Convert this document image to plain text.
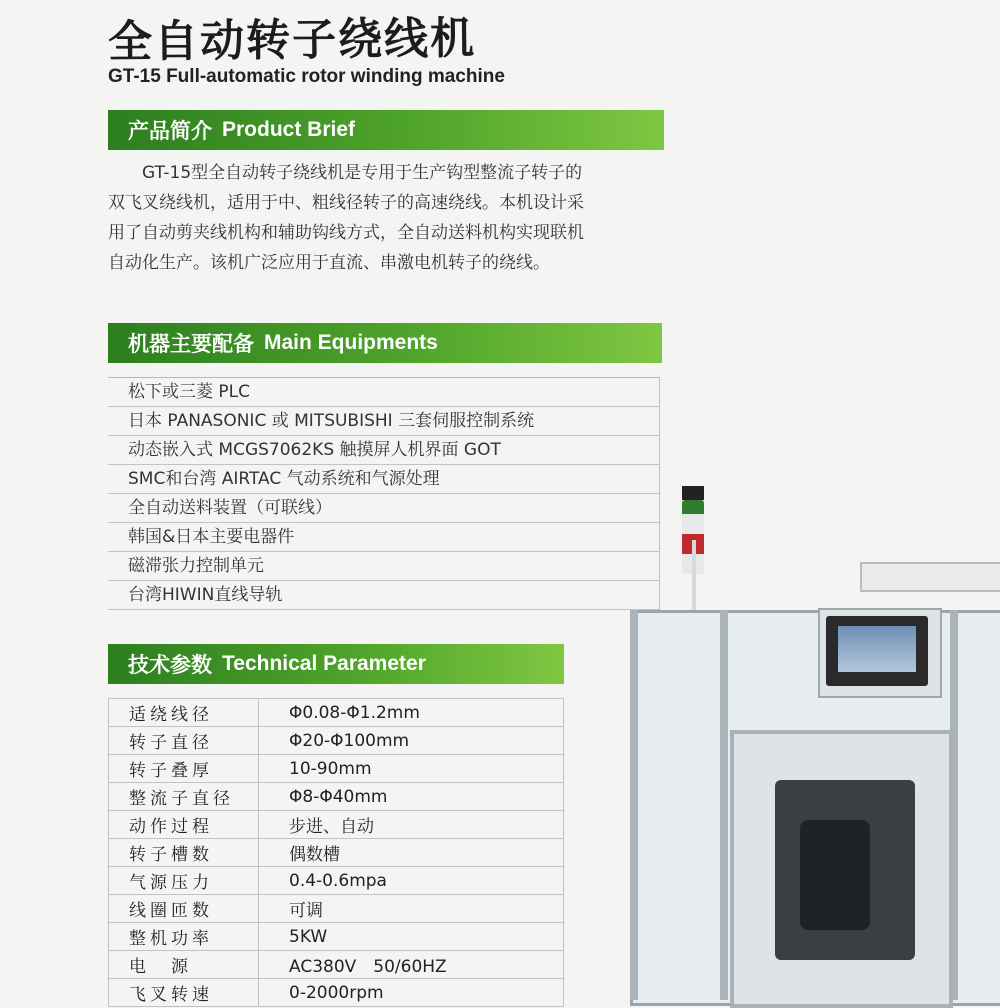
全自动转子绕线机
GT-15 Full-automatic rotor winding machine
产品简介 Product Brief

　　GT-15型全自动转子绕线机是专用于生产钩型整流子转子的

双飞叉绕线机，适用于中、粗线径转子的高速绕线。本机设计采

用了自动剪夹线机构和辅助钩线方式，全自动送料机构实现联机

自动化生产。该机广泛应用于直流、串激电机转子的绕线。

机器主要配备 Main Equipments
松下或三菱 PLC
日本 PANASONIC 或 MITSUBISHI 三套伺服控制系统
动态嵌入式 MCGS7062KS 触摸屏人机界面 GOT
SMC和台湾 AIRTAC 气动系统和气源处理
全自动送料装置（可联线）
韩国&日本主要电器件
磁滞张力控制单元
台湾HIWIN直线导轨
技术参数 Technical Parameter
适绕线径	Φ0.08-Φ1.2mm
转子直径	Φ20-Φ100mm
转子叠厚	10-90mm
整流子直径	Φ8-Φ40mm
动作过程	步进、自动
转子槽数	偶数槽
气源压力	0.4-0.6mpa
线圈匝数	可调
整机功率	5KW
电　源	AC380V　50/60HZ
飞叉转速	0-2000rpm
